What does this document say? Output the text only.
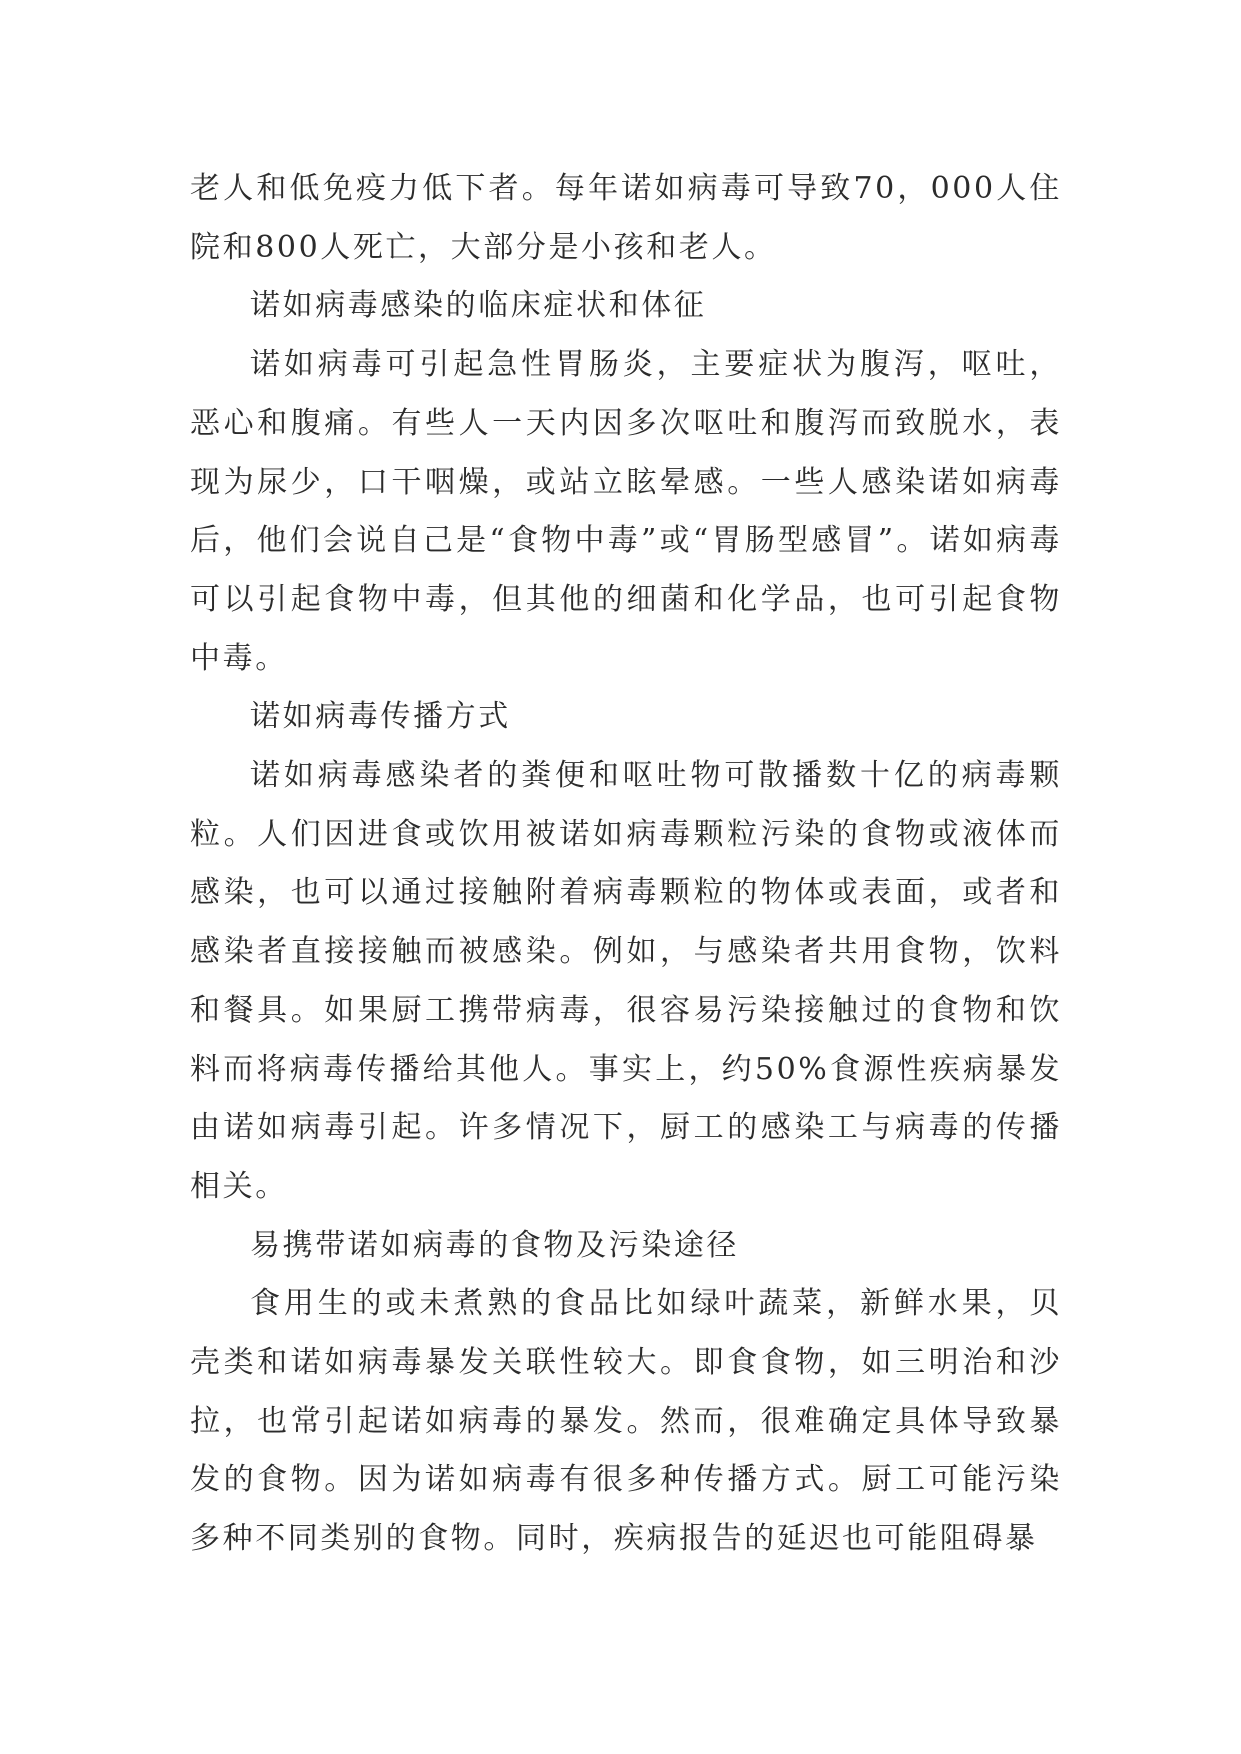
老人和低免疫力低下者。每年诺如病毒可导致70，000人住院和800人死亡，大部分是小孩和老人。

诺如病毒感染的临床症状和体征

诺如病毒可引起急性胃肠炎，主要症状为腹泻，呕吐，恶心和腹痛。有些人一天内因多次呕吐和腹泻而致脱水，表现为尿少，口干咽燥，或站立眩晕感。一些人感染诺如病毒后，他们会说自己是“食物中毒”或“胃肠型感冒”。诺如病毒可以引起食物中毒，但其他的细菌和化学品，也可引起食物中毒。

诺如病毒传播方式

诺如病毒感染者的粪便和呕吐物可散播数十亿的病毒颗粒。人们因进食或饮用被诺如病毒颗粒污染的食物或液体而感染，也可以通过接触附着病毒颗粒的物体或表面，或者和感染者直接接触而被感染。例如，与感染者共用食物，饮料和餐具。如果厨工携带病毒，很容易污染接触过的食物和饮料而将病毒传播给其他人。事实上，约50%食源性疾病暴发由诺如病毒引起。许多情况下，厨工的感染工与病毒的传播相关。

易携带诺如病毒的食物及污染途径

食用生的或未煮熟的食品比如绿叶蔬菜，新鲜水果，贝壳类和诺如病毒暴发关联性较大。即食食物，如三明治和沙拉，也常引起诺如病毒的暴发。然而，很难确定具体导致暴发的食物。因为诺如病毒有很多种传播方式。厨工可能污染多种不同类别的食物。同时，疾病报告的延迟也可能阻碍暴
